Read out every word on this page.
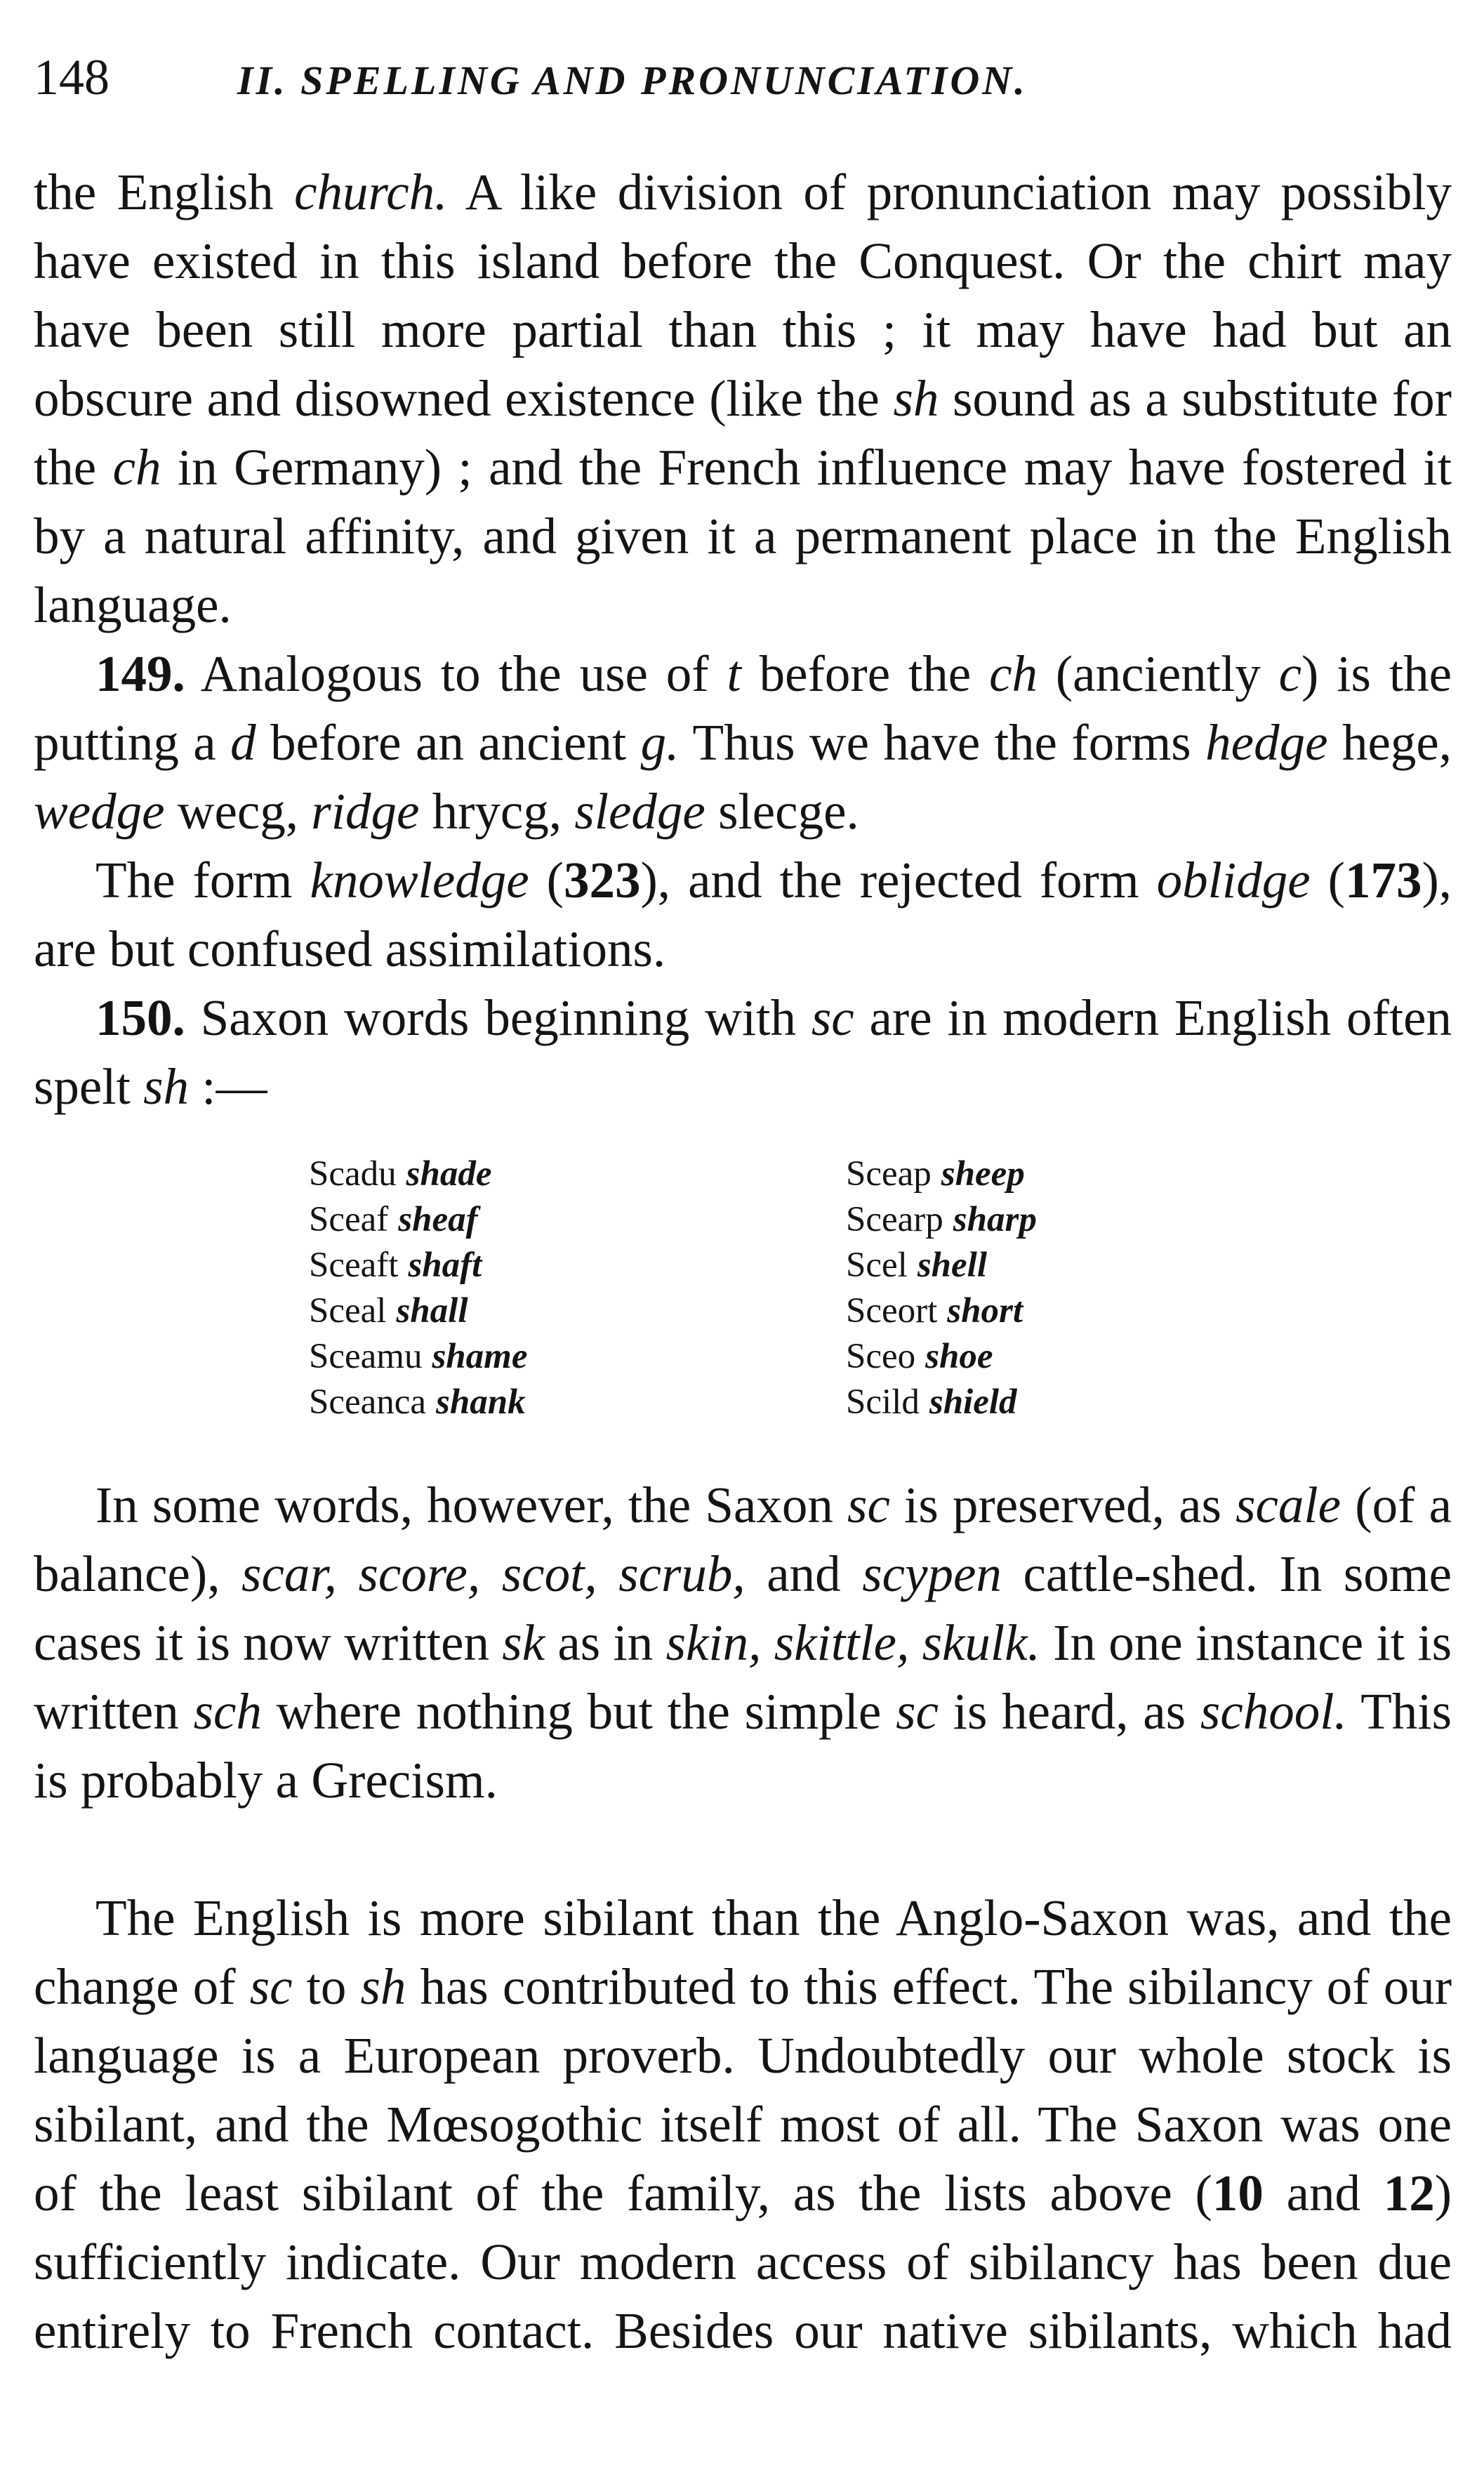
148	II. SPELLING AND PRONUNCIATION.

the English church. A like division of pronunciation may possibly have existed in this island before the Conquest. Or the chirt may have been still more partial than this ; it may have had but an obscure and disowned existence (like the sh sound as a substitute for the ch in Germany) ; and the French influence may have fostered it by a natural affinity, and given it a permanent place in the English language.

149. Analogous to the use of t before the ch (anciently c) is the putting a d before an ancient g. Thus we have the forms hedge hege, wedge wecg, ridge hrycg, sledge slecge.

The form knowledge (323), and the rejected form oblidge (173), are but confused assimilations.

150. Saxon words beginning with sc are in modern English often spelt sh :—

Scadu shade
Sceaf sheaf
Sceaft shaft
Sceal shall
Sceamu shame
Sceanca shank
Sceap sheep
Scearp sharp
Scel shell
Sceort short
Sceo shoe
Scild shield

In some words, however, the Saxon sc is preserved, as scale (of a balance), scar, score, scot, scrub, and scypen cattle-shed. In some cases it is now written sk as in skin, skittle, skulk. In one instance it is written sch where nothing but the simple sc is heard, as school. This is probably a Grecism.

The English is more sibilant than the Anglo-Saxon was, and the change of sc to sh has contributed to this effect. The sibilancy of our language is a European proverb. Undoubtedly our whole stock is sibilant, and the Mœsogothic itself most of all. The Saxon was one of the least sibilant of the family, as the lists above (10 and 12) sufficiently indicate. Our modern access of sibilancy has been due entirely to French contact. Besides our native sibilants, which had
